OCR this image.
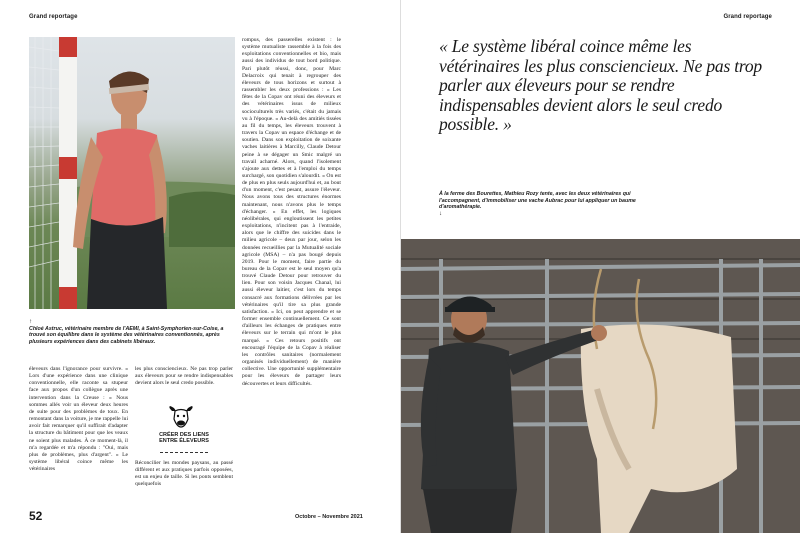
Grand reportage
↑
Chloé Astruc, vétérinaire membre de l'AEMI, à Saint-Symphorien-sur-Coise, a trouvé son équilibre dans le système des vétérinaires conventionnés, après plusieurs expériences dans des cabinets libéraux.
éleveurs dans l'ignorance pour survivre. » Lors d'une expérience dans une clinique conventionnelle, elle raconte sa stupeur face aux propos d'un collègue après une intervention dans la Creuse : « Nous sommes allés voir un éleveur deux heures de suite pour des problèmes de toux. En remontant dans la voiture, je me rappelle lui avoir fait remarquer qu'il suffirait d'adapter la structure du bâtiment pour que les veaux ne soient plus malades. À ce moment-là, il m'a regardée et m'a répondu : "Oui, mais plus de problèmes, plus d'argent". » Le système libéral coince même les vétérinaires
les plus consciencieux. Ne pas trop parler aux éleveurs pour se rendre indispensables devient alors le seul credo possible.
CRÉER DES LIENS
ENTRE ÉLEVEURS
Réconcilier les mondes paysans, au passé différent et aux pratiques parfois opposées, est un enjeu de taille. Si les ponts semblent quelquefois
rompus, des passerelles existent : le système mutualiste rassemble à la fois des exploitations conventionnelles et bio, mais aussi des individus de tout bord politique. Pari plutôt réussi, donc, pour Marc Delacroix qui tenait à regrouper des éleveurs de tous horizons et surtout à rassembler les deux professions : « Les fêtes de la Copav ont réuni des éleveurs et des vétérinaires issus de milieux socioculturels très variés, c'était du jamais vu à l'époque. » Au-delà des amitiés tissées au fil du temps, les éleveurs trouvent à travers la Copav un espace d'échange et de soutien. Dans son exploitation de soixante vaches laitières à Marcilly, Claude Detour peine à se dégager un Smic malgré un travail acharné. Alors, quand l'isolement s'ajoute aux dettes et à l'emploi du temps surchargé, son quotidien s'alourdit. « On est de plus en plus seuls aujourd'hui et, au bout d'un moment, c'est pesant, assure l'éleveur. Nous avons tous des structures énormes maintenant, nous n'avons plus le temps d'échanger. » En effet, les logiques néolibérales, qui engloutissent les petites exploitations, n'incitent pas à l'entraide, alors que le chiffre des suicides dans le milieu agricole – deux par jour, selon les données recueillies par la Mutualité sociale agricole (MSA) – n'a pas bougé depuis 2019. Pour le moment, faire partie du bureau de la Copav est le seul moyen qu'a trouvé Claude Detour pour retrouver du lien. Pour son voisin Jacques Chanal, lui aussi éleveur laitier, c'est lors du temps consacré aux formations délivrées par les vétérinaires qu'il tire sa plus grande satisfaction. « Ici, on peut apprendre et se former ensemble continuellement. Ce sont d'ailleurs les échanges de pratiques entre éleveurs sur le terrain qui m'ont le plus marqué. » Ces retours positifs ont encouragé l'équipe de la Copav à réaliser les contrôles sanitaires (normalement organisés individuellement) de manière collective. Une opportunité supplémentaire pour les éleveurs de partager leurs découvertes et leurs difficultés.
52	Octobre – Novembre 2021
Grand reportage
« Le système libéral coince même les vétérinaires les plus consciencieux. Ne pas trop parler aux éleveurs pour se rendre indispensables devient alors le seul credo possible. »
À la ferme des Bourettes, Mathieu Rozy tente, avec les deux vétérinaires qui l'accompagnent, d'immobiliser une vache Aubrac pour lui appliquer un baume d'aromathérapie.
↓
